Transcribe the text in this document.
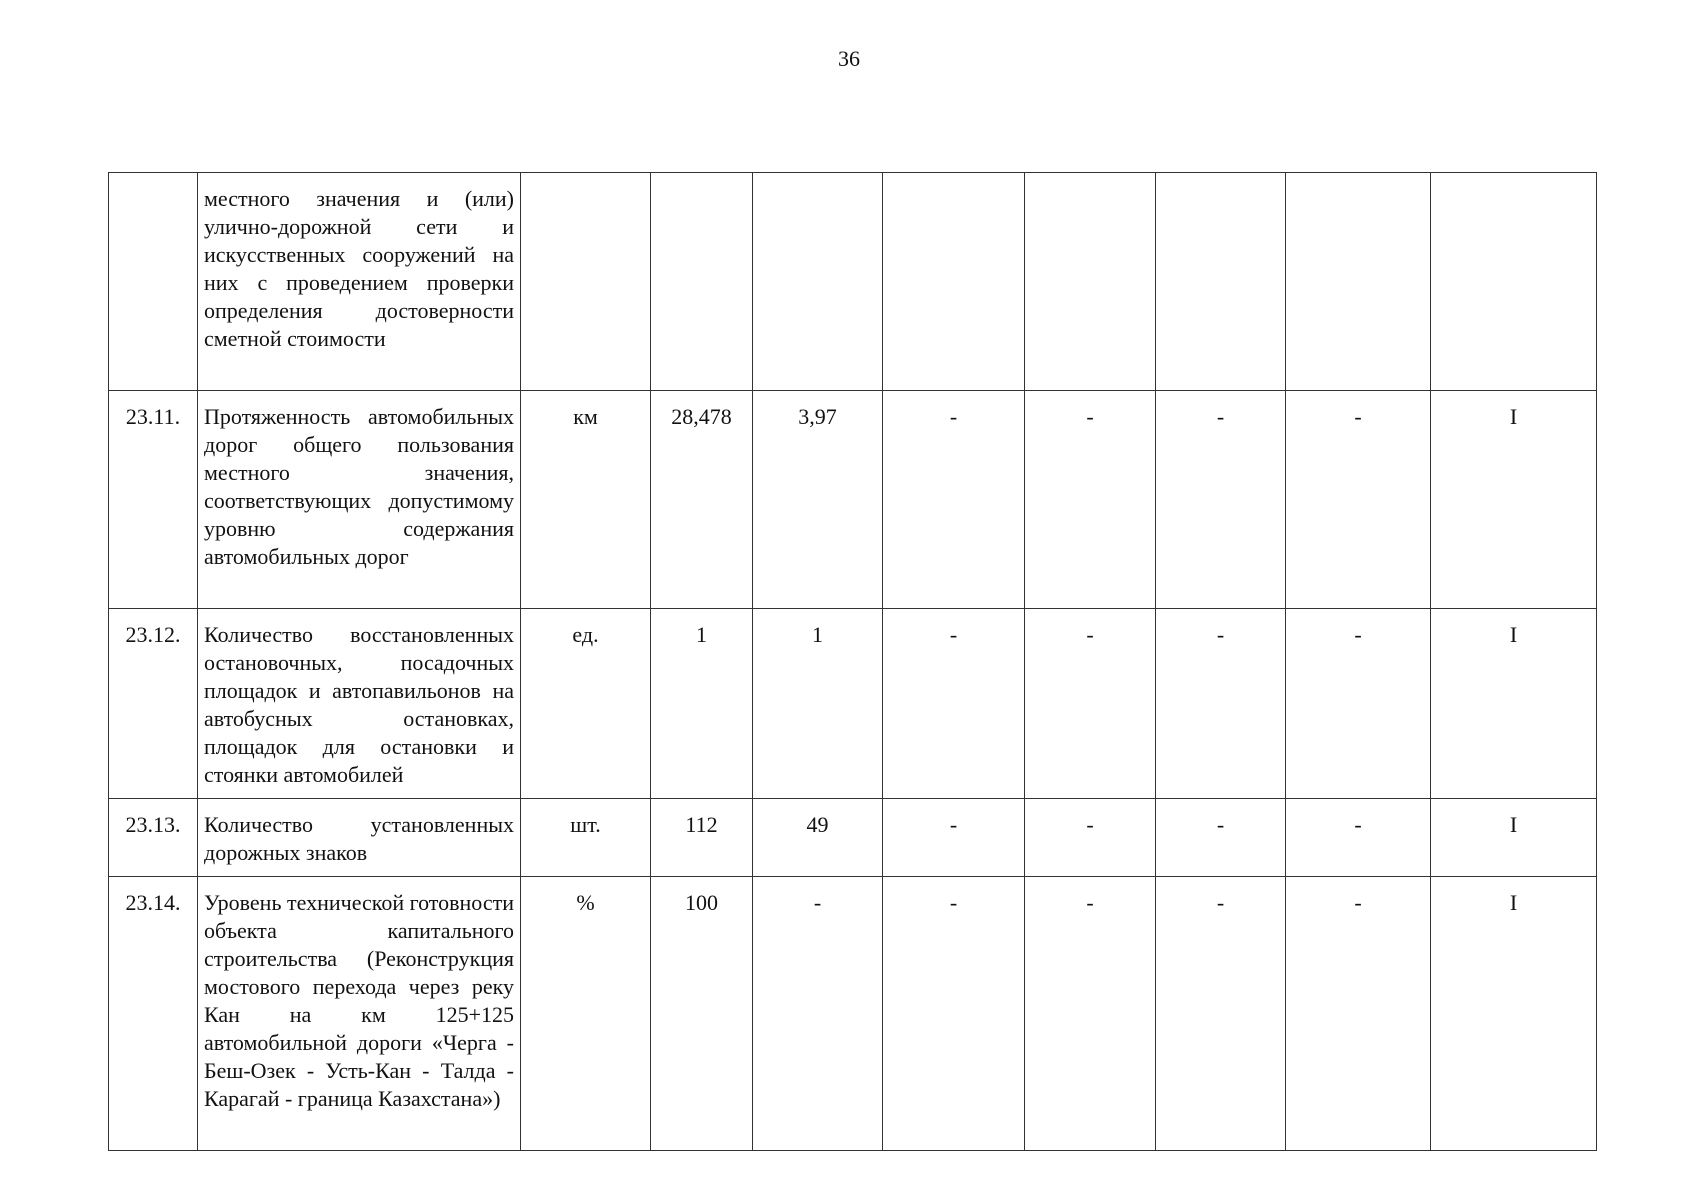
36
	местного значения и (или) улично-дорожной сети и искусственных сооружений на них с проведением проверки определения достоверности сметной стоимости								
23.11.	Протяженность автомобильных дорог общего пользования местного значения, соответствующих допустимому уровню содержания автомобильных дорог	км	28,478	3,97	-	-	-	-	I
23.12.	Количество восстановленных остановочных, посадочных площадок и автопавильонов на автобусных остановках, площадок для остановки и стоянки автомобилей	ед.	1	1	-	-	-	-	I
23.13.	Количество установленных дорожных знаков	шт.	112	49	-	-	-	-	I
23.14.	Уровень технической готовности объекта капитального строительства (Реконструкция мостового перехода через реку Кан на км 125+125 автомобильной дороги «Черга - Беш-Озек - Усть-Кан - Талда - Карагай - граница Казахстана»)	%	100	-	-	-	-	-	I
